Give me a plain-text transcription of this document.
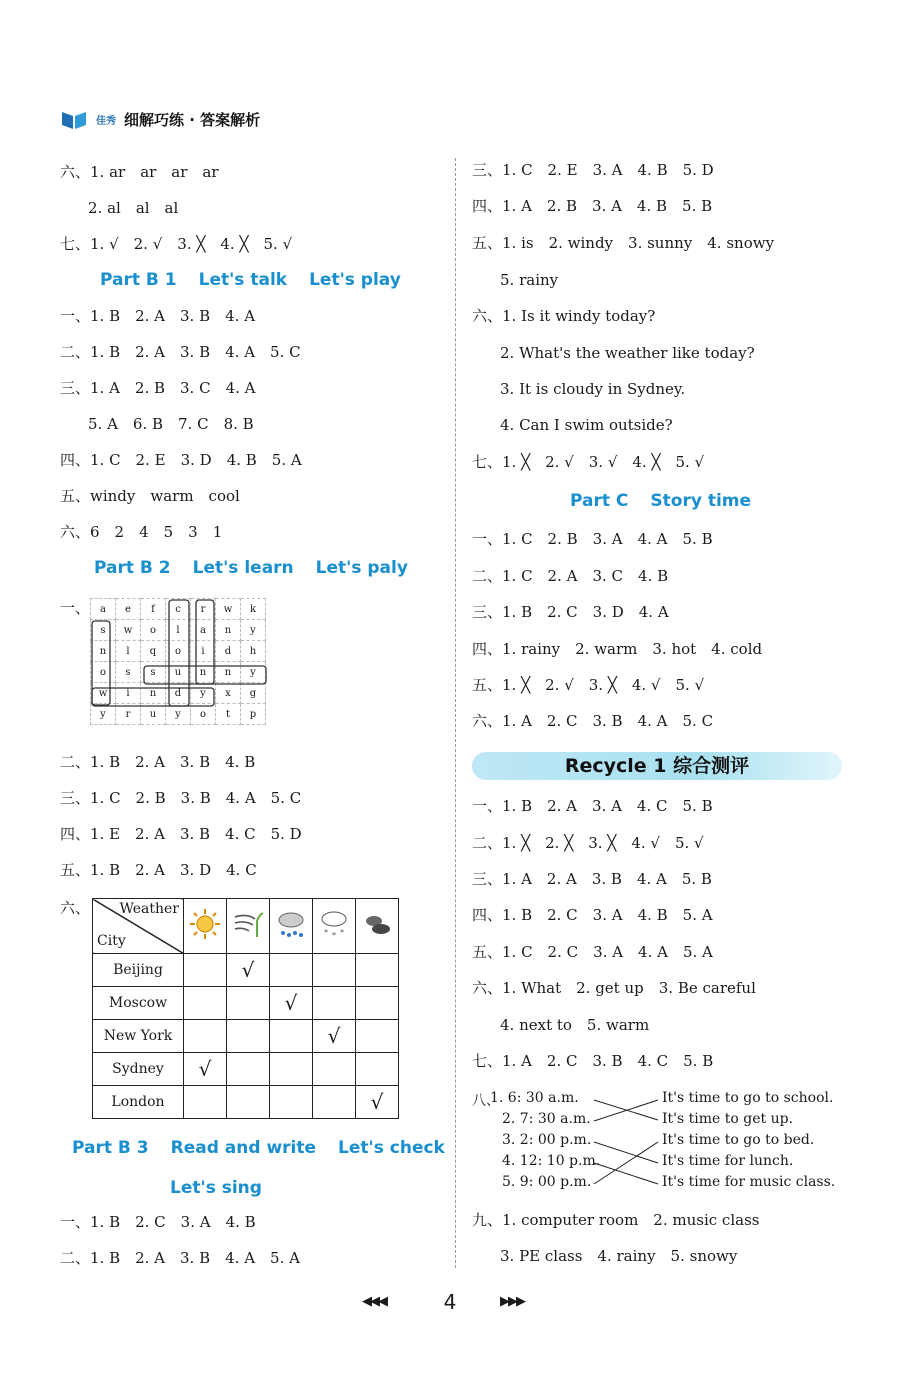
佳秀 细解巧练 · 答案解析
六、1. ar　ar　ar　ar
2. al　al　al
七、1. √　2. √　3. ╳　4. ╳　5. √
Part B 1 Let's talk Let's play
一、1. B　2. A　3. B　4. A
二、1. B　2. A　3. B　4. A　5. C
三、1. A　2. B　3. C　4. A
5. A　6. B　7. C　8. B
四、1. C　2. E　3. D　4. B　5. A
五、windy　warm　cool
六、6　2　4　5　3　1
Part B 2 Let's learn Let's paly
一、 a	e	f	c	r	w	k
s	w	o	l	a	n	y
n	l	q	o	i	d	h
o	s	s	u	n	n	y
w	i	n	d	y	x	g
y	r	u	y	o	t	p
二、1. B　2. A　3. B　4. B
三、1. C　2. B　3. B　4. A　5. C
四、1. E　2. A　3. B　4. C　5. D
五、1. B　2. A　3. D　4. C
六、 Weather
City				* * *

Beijing		√			
Moscow			√		
New York				√	
Sydney	√				
London					√
Part B 3 Read and write Let's check
Let's sing
一、1. B　2. C　3. A　4. B
二、1. B　2. A　3. B　4. A　5. A
三、1. C　2. E　3. A　4. B　5. D
四、1. A　2. B　3. A　4. B　5. B
五、1. is　2. windy　3. sunny　4. snowy
5. rainy
六、1. Is it windy today?
2. What's the weather like today?
3. It is cloudy in Sydney.
4. Can I swim outside?
七、1. ╳　2. √　3. √　4. ╳　5. √
Part C Story time
一、1. C　2. B　3. A　4. A　5. B
二、1. C　2. A　3. C　4. B
三、1. B　2. C　3. D　4. A
四、1. rainy　2. warm　3. hot　4. cold
五、1. ╳　2. √　3. ╳　4. √　5. √
六、1. A　2. C　3. B　4. A　5. C
Recycle 1 综合测评
一、1. B　2. A　3. A　4. C　5. B
二、1. ╳　2. ╳　3. ╳　4. √　5. √
三、1. A　2. A　3. B　4. A　5. B
四、1. B　2. C　3. A　4. B　5. A
五、1. C　2. C　3. A　4. A　5. A
六、1. What　2. get up　3. Be careful
4. next to　5. warm
七、1. A　2. C　3. B　4. C　5. B
八、
1. 6: 30 a.m.
2. 7: 30 a.m.
3. 2: 00 p.m.
4. 12: 10 p.m.
5. 9: 00 p.m.
It's time to go to school.
It's time to get up.
It's time to go to bed.
It's time for lunch.
It's time for music class.
九、1. computer room　2. music class
3. PE class　4. rainy　5. snowy
◀◀◀	4	▶▶▶
